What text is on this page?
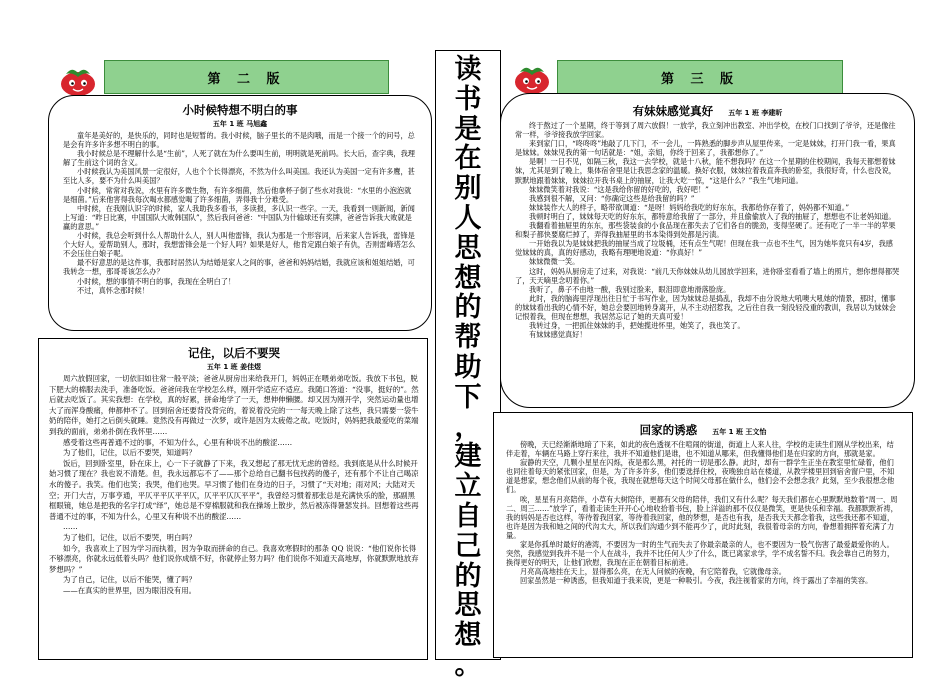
第 二 版
小时候特想不明白的事
五年 1 班 马旭鑫

童年是美好的，是快乐的，同时也是短暂的。我小时候，脑子里长的不是肉哦，而是一个接一个的问号，总是会有许多许多想不明白的事。

我小时候总是不理解什么是“生前”，人死了就在为什么要叫生前，明明就是死前吗。长大后，查字典，我理解了生前这个词的含义。

小时候我认为美国风景一定很好，人也个个长得漂亮，不然为什么叫美国。我还认为美国一定有许多鹰，甚至比人多，要不为什么叫美国？

小时候，常常对我说，水里有许多微生物，有许多细菌，然后他拿杯子倒了些水对我说：“水里的小泡泡就是细菌。”后来他害得我每次喝水都感觉喝了许多细菌，弄得我十分难受。

中时候，在我刚认识字的时候，家人我助我多看书，多读报，多认识一些字。一天，我看到一则新闻，新闻上写道：“昨日比赛，中国国队大败韩国队”，然后我问爸爸：“中国队为什输球还有奖牌，爸爸告诉我大败就是赢的意思。”

小时候，我总会听到什么人帮助什么人，别人叫他雷锋，我认为那是一个形容词，后来家人告诉我，雷锋是个大好人，爱帮助别人，那时，我想雷锋会是一个好人吗？如果是好人，他肯定跟白娘子有仇，否则雷峰塔怎么不会压住白娘子呢。

最不好意思的是这件事，我那时居然认为结婚是家人之间的事，爸爸和妈妈结婚，我就应该和姐姐结婚，可我转念一想，那哥哥该怎么办？

小时候，想的事情不明白的事，我现在全明白了！

不过，真怀念那时候！

记住，以后不要哭
五年 1 班 姜佳煜

周六放假回家，一切依旧如往常一般平淡；爸爸从厨房出来给我开门，妈妈正在喂弟弟吃饭。我放下书包，脱下肥大的棉服去洗手，准备吃饭。爸爸问我在学校怎么样，刚开学适应不适应。我随口答道：“没事，挺好的”。然后就去吃饭了。其实我想：在学校，真的好累，拼命地学了一天，想伸伸懒腰。却又因为刚开学，突然运动量也增大了而浑身酸痛，伸都伸不了。回到宿舍还要背没背完的，着说着没完的一一每天晚上除了这些，我只需要一袋牛奶的陪伴，她打之后倒头就睡。竟然没有再做过一次梦，或许是因为太疲倦之故。吃饭时，妈妈把我最爱吃的菜端到我的面前，弟弟扑倒在我怀里……

感受着这些再普通不过的事，不知为什么，心里有种说不出的酸涩……

为了他们，记住，以后不要哭，知道吗？

饭后，回到卧室里，卧在床上，心一下子就静了下来，我又想起了那无忧无虑的曾经。我到底是从什么时候开始习惯了现在？我也说不清楚。但，我永远都忘不了——那个总给自己翻书包找药的傻子，还有那个不让自己喝凉水的傻子。我笑。他们也笑；我哭，他们也哭。早习惯了他们在身边的日子，习惯了“天对地；雨对风；大陆对天空；开门大吉，万事亨通，平仄平平仄平平仄，仄平平仄仄平平”，我曾经习惯着那张总是充满快乐的脸，那副黑框眼镜，她总是把我的名字打成“绎”，她总是不穿棉服就和我在操场上散步，然后被冻得暑瑟发抖。回想着这些再普通不过的事，不知为什么，心里又有种说不出的酸涩……

……

为了他们，记住，以后不要哭，明白吗？

如今，我喜欢上了因为学习而执着，因为争取而拼命的自己。我喜欢寒假时的那条 QQ 说说：“他们说你长得不够漂亮，你就永远低着头吗？他们说你成绩不好，你就停止努力吗？他们说你不知道天高地厚，你就默默地放弃梦想吗？”

为了自己，记住，以后不能哭，懂了吗？

——在真实的世界里，因为眼泪没有用。

读
书
是
在
别
人
思
想
的
帮
助
下
，
建
立
自
己
的
思
想
。
第 三 版
有妹妹感觉真好 五年 1 班 李建昕

终于熬过了一个星期，终于等到了周六放假！一放学，我立刻冲出教室、冲出学校，在校门口找到了爷爷，还是像往常一样，爷爷接我放学回家。

来到家门口，“咚咚咚”地敲了几下门，不一会儿，一阵熟悉的脚步声从屋里传来，一定是妹妹，打开门我一看，果真是妹妹。妹妹见我的第一句话就是：“姐，亲姐，你终于回来了，我都想你了。”

是啊！一日不见，如隔三秋，我这一去学校，就是十八秋，能不想我吗？在这一个星期的住校期间，我每天都想着妹妹，尤其是到了晚上，集体宿舍里是让我思念家的温暖。换好衣服，妹妹拉着我直奔我的卧室，我很好奇，什么也没说，默默地跟着妹妹，妹妹拉开我书桌上的抽屉，让我大吃一惊，“这是什么？”我生气地问道。

妹妹微笑着对我说：“这是我给你留的好吃的，我好吧！”

我感到很不解，又问：“你确定这些是给我留的吗？”

妹妹装作大人的样子，略带欲调道：“是呀！妈妈给我吃的好东东，我都给你存着了，妈妈都不知道。”

我顿时明白了，妹妹每天吃的好东东，都特意给我留了一部分，并且偷偷放入了我的抽屉了，想想也不让老妈知道。

我翻看着抽屉里的东东，那些袋装食的小食品现在都失去了它们各自的脆劲，变得坚硬了。还有吃了一半一半的苹果和梨子都快要腐烂掉了，弄得我抽屉里的书本染得到处都是污渍。

一开始我以为是妹妹把我的抽屉当成了垃圾桶，还有点生气呢！但现在我一点也不生气，因为她毕竟只有4岁，我感觉妹妹的真，真的好感动，我略有理哽地说道：“你真好！”

妹妹微微一笑。

这时，妈妈从厨房走了过来，对我说：“前几天你妹妹从幼儿园放学回来，进你卧室看看了墙上的照片，想你想得都哭了，天天嘀里念叨着你。”

我听了，鼻子不由地一酸，我别过脸来，眼泪即意地滑落脸庞。

此时，我的脑海里浮现出往日忙于书写作业，因为妹妹总是捣乱，我却不由分说地大吼噢大吼她的情景，那时，懂事的妹妹看出我的心情不好，她总会要回地转身离开，从不主动招惹我，之后往自我一刻没轻没重的教训，我居以为妹妹会记恨着我，但现在想想，我居然忘记了她的天真可爱！

我转过身，一把抓住妹妹的手，把她揽进怀里，她笑了，我也笑了。

有妹妹感觉真好！

回家的诱惑 五年 1 班 王文怡

傍晚，天已经渐渐地暗了下来，如此的夜色透视不住喧闹的街道，街道上人来人往，学校的走读生们刚从学校出来，结伴走着，车辆在马路上穿行来往，我并不知道他们是谁，也不知道从哪来，但我懂得他们是在归家的方向，那就是家。

寂静的天空，几颗小星星在闪烁，夜是那么黑，衬托的一切是那么静。此时，却有一群学生正坐在教室里忙碌着，他们也同往着每天的紧张回家，但是，为了许多许多，他们要选择住校，夜晚独自站在楼道，从教学楼里回到宿舍窗户里，不知道是想家，想念他们从前的每个夜，我现在就想每天这个时间父母那在做什么，他们会不会想念我？此刻，至少我很想念他们。

唉，星星有月亮陪伴，小草有大树陪伴，更都有父母的陪伴，我们又有什么呢？每天我们都在心里默默地数着“周一、周二、周三……”放学了，看着走读生开开心心地收拾着书包，脸上洋溢的那不仅仅是微笑，更是快乐和幸福。我都默默祈祷，我的妈妈是否也这样，等待着我回家，等待着我回家，他的梦想，是否也有我，是否我天天都念着我，这些我还都不知道，也许是因为我和她之间的代沟太大，所以我们沟通少到不能再少了，此时此刻，我很着母亲的方向，眷想着拥挥着充满了力量。

家是你孤单时最好的港湾，不要因为一时的生气而失去了你最亲最亲的人，也不要因为一股气伤害了最爱最爱你的人。突然，我感觉到我并不是一个人在战斗，我并不比任何人少了什么，既已离家求学，学不成名誓不归。我会靠自己的努力，换得更好的明天，让他们欣慰，我现在正在朝着目标前进。

月亮高高地挂在天上，显得那么亮，在无人问候的夜晚，有它陪着我，它就像母亲。

回家虽然是一种诱惑，但我知道于我来说，更是一种吸引。今夜，我注视着家的方向，终于露出了幸福的笑容。
